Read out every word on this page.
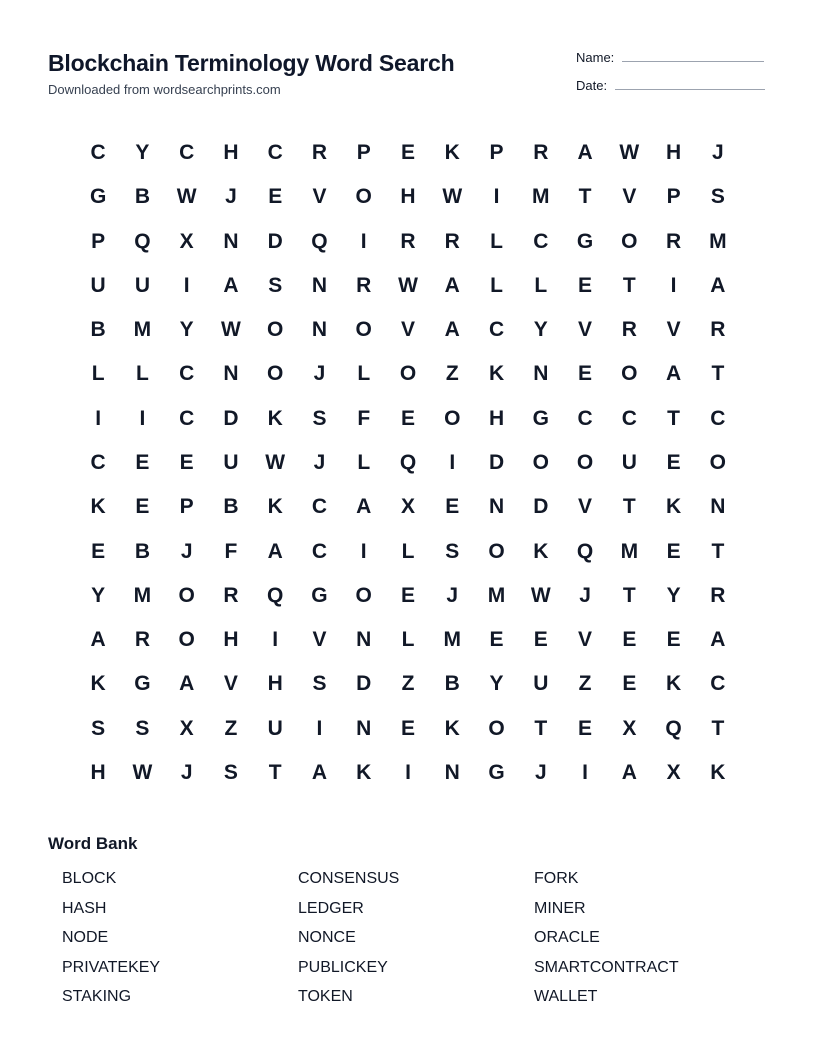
Blockchain Terminology Word Search
Downloaded from wordsearchprints.com
Name:
Date:
C	Y	C	H	C	R	P	E	K	P	R	A	W	H	J
G	B	W	J	E	V	O	H	W	I	M	T	V	P	S
P	Q	X	N	D	Q	I	R	R	L	C	G	O	R	M
U	U	I	A	S	N	R	W	A	L	L	E	T	I	A
B	M	Y	W	O	N	O	V	A	C	Y	V	R	V	R
L	L	C	N	O	J	L	O	Z	K	N	E	O	A	T
I	I	C	D	K	S	F	E	O	H	G	C	C	T	C
C	E	E	U	W	J	L	Q	I	D	O	O	U	E	O
K	E	P	B	K	C	A	X	E	N	D	V	T	K	N
E	B	J	F	A	C	I	L	S	O	K	Q	M	E	T
Y	M	O	R	Q	G	O	E	J	M	W	J	T	Y	R
A	R	O	H	I	V	N	L	M	E	E	V	E	E	A
K	G	A	V	H	S	D	Z	B	Y	U	Z	E	K	C
S	S	X	Z	U	I	N	E	K	O	T	E	X	Q	T
H	W	J	S	T	A	K	I	N	G	J	I	A	X	K
Word Bank
BLOCK	CONSENSUS	FORK
HASH	LEDGER	MINER
NODE	NONCE	ORACLE
PRIVATEKEY	PUBLICKEY	SMARTCONTRACT
STAKING	TOKEN	WALLET
